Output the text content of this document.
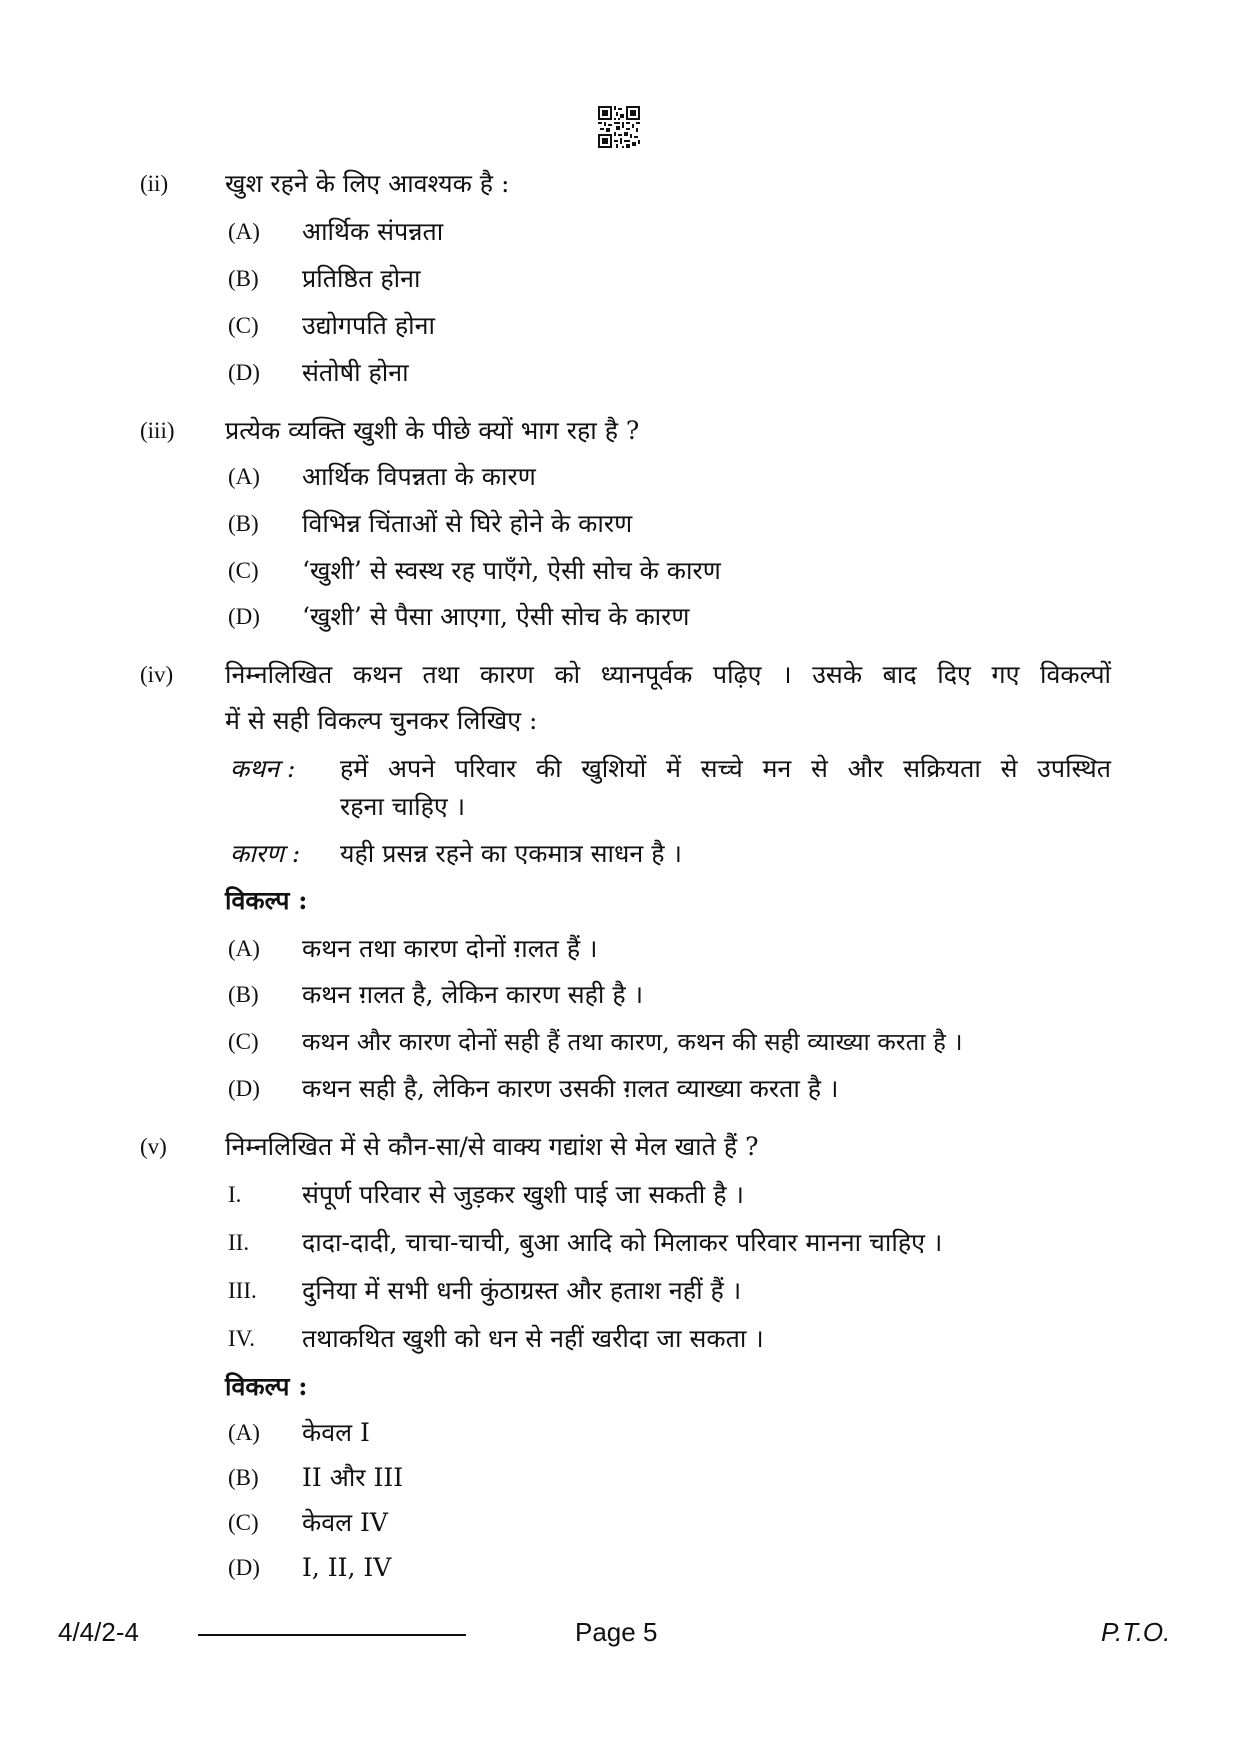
(ii) खुश रहने के लिए आवश्यक है :
(A) आर्थिक संपन्नता
(B) प्रतिष्ठित होना
(C) उद्योगपति होना
(D) संतोषी होना
(iii) प्रत्येक व्यक्ति खुशी के पीछे क्यों भाग रहा है ?
(A) आर्थिक विपन्नता के कारण
(B) विभिन्न चिंताओं से घिरे होने के कारण
(C) ‘खुशी’ से स्वस्थ रह पाएँगे, ऐसी सोच के कारण
(D) ‘खुशी’ से पैसा आएगा, ऐसी सोच के कारण
(iv) निम्नलिखित कथन तथा कारण को ध्यानपूर्वक पढ़िए । उसके बाद दिए गए विकल्पों
में से सही विकल्प चुनकर लिखिए :
कथन : हमें अपने परिवार की खुशियों में सच्चे मन से और सक्रियता से उपस्थित
रहना चाहिए ।
कारण : यही प्रसन्न रहने का एकमात्र साधन है ।
विकल्प :
(A) कथन तथा कारण दोनों ग़लत हैं ।
(B) कथन ग़लत है, लेकिन कारण सही है ।
(C) कथन और कारण दोनों सही हैं तथा कारण, कथन की सही व्याख्या करता है ।
(D) कथन सही है, लेकिन कारण उसकी ग़लत व्याख्या करता है ।
(v) निम्नलिखित में से कौन-सा/से वाक्य गद्यांश से मेल खाते हैं ?
I. संपूर्ण परिवार से जुड़कर खुशी पाई जा सकती है ।
II. दादा-दादी, चाचा-चाची, बुआ आदि को मिलाकर परिवार मानना चाहिए ।
III. दुनिया में सभी धनी कुंठाग्रस्त और हताश नहीं हैं ।
IV. तथाकथित खुशी को धन से नहीं खरीदा जा सकता ।
विकल्प :
(A) केवल I
(B) II और III
(C) केवल IV
(D) I, II, IV
4/4/2-4	Page 5	P.T.O.
